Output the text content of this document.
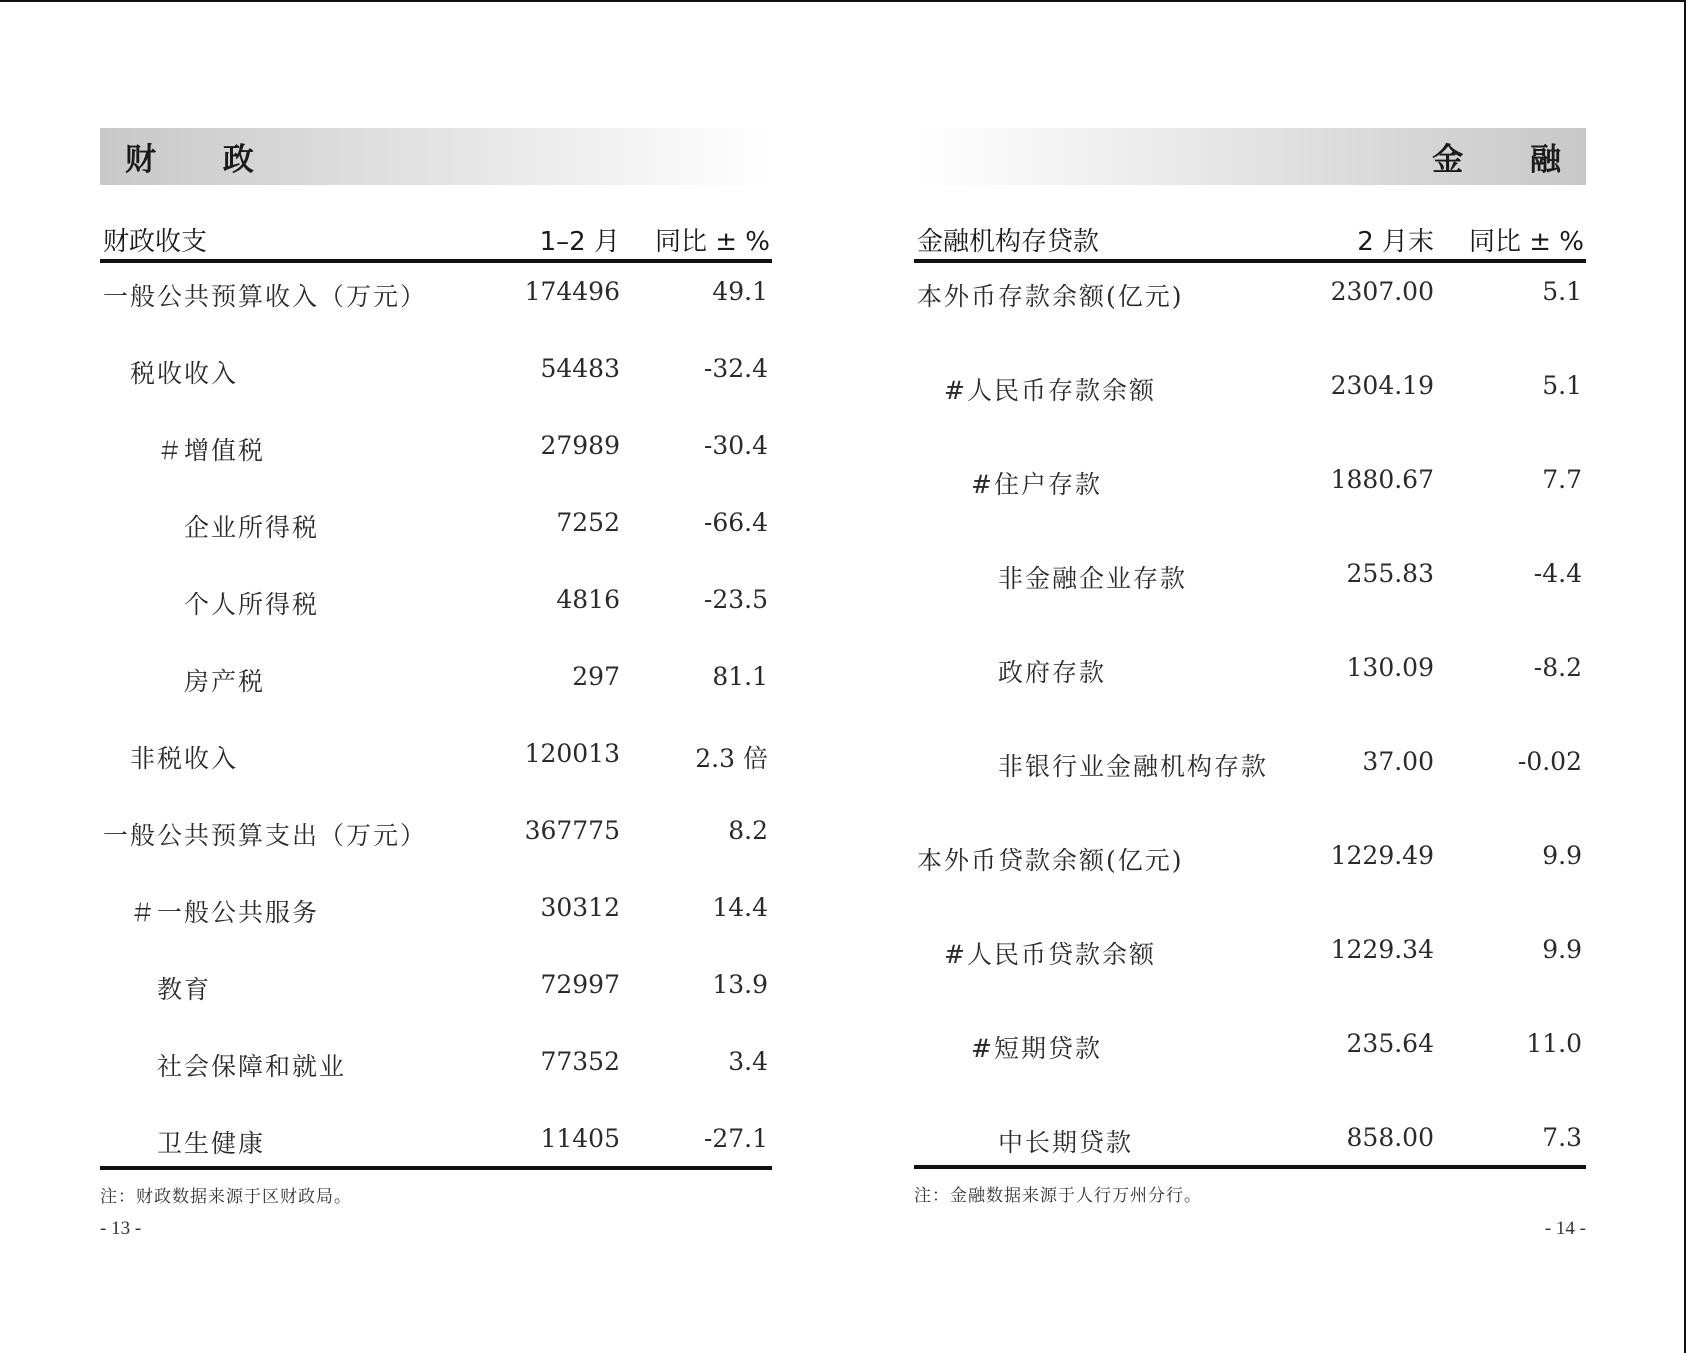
财 政
财政收支	1–2 月 同比 ± %
一般公共预算收入（万元）	174496	49.1
税收收入	54483	-32.4
＃增值税	27989	-30.4
企业所得税	7252	-66.4
个人所得税	4816	-23.5
房产税	297	81.1
非税收入	120013	2.3 倍
一般公共预算支出（万元）	367775	8.2
＃一般公共服务	30312	14.4
教育	72997	13.9
社会保障和就业	77352	3.4
卫生健康	11405	-27.1
注：财政数据来源于区财政局。
金 融
金融机构存贷款	2 月末 同比 ± %
本外币存款余额(亿元)	2307.00	5.1
#人民币存款余额	2304.19	5.1
#住户存款	1880.67	7.7
非金融企业存款	255.83	-4.4
政府存款	130.09	-8.2
非银行业金融机构存款	37.00	-0.02
本外币贷款余额(亿元)	1229.49	9.9
#人民币贷款余额	1229.34	9.9
#短期贷款	235.64	11.0
中长期贷款	858.00	7.3
注：金融数据来源于人行万州分行。
- 13 -	- 14 -
